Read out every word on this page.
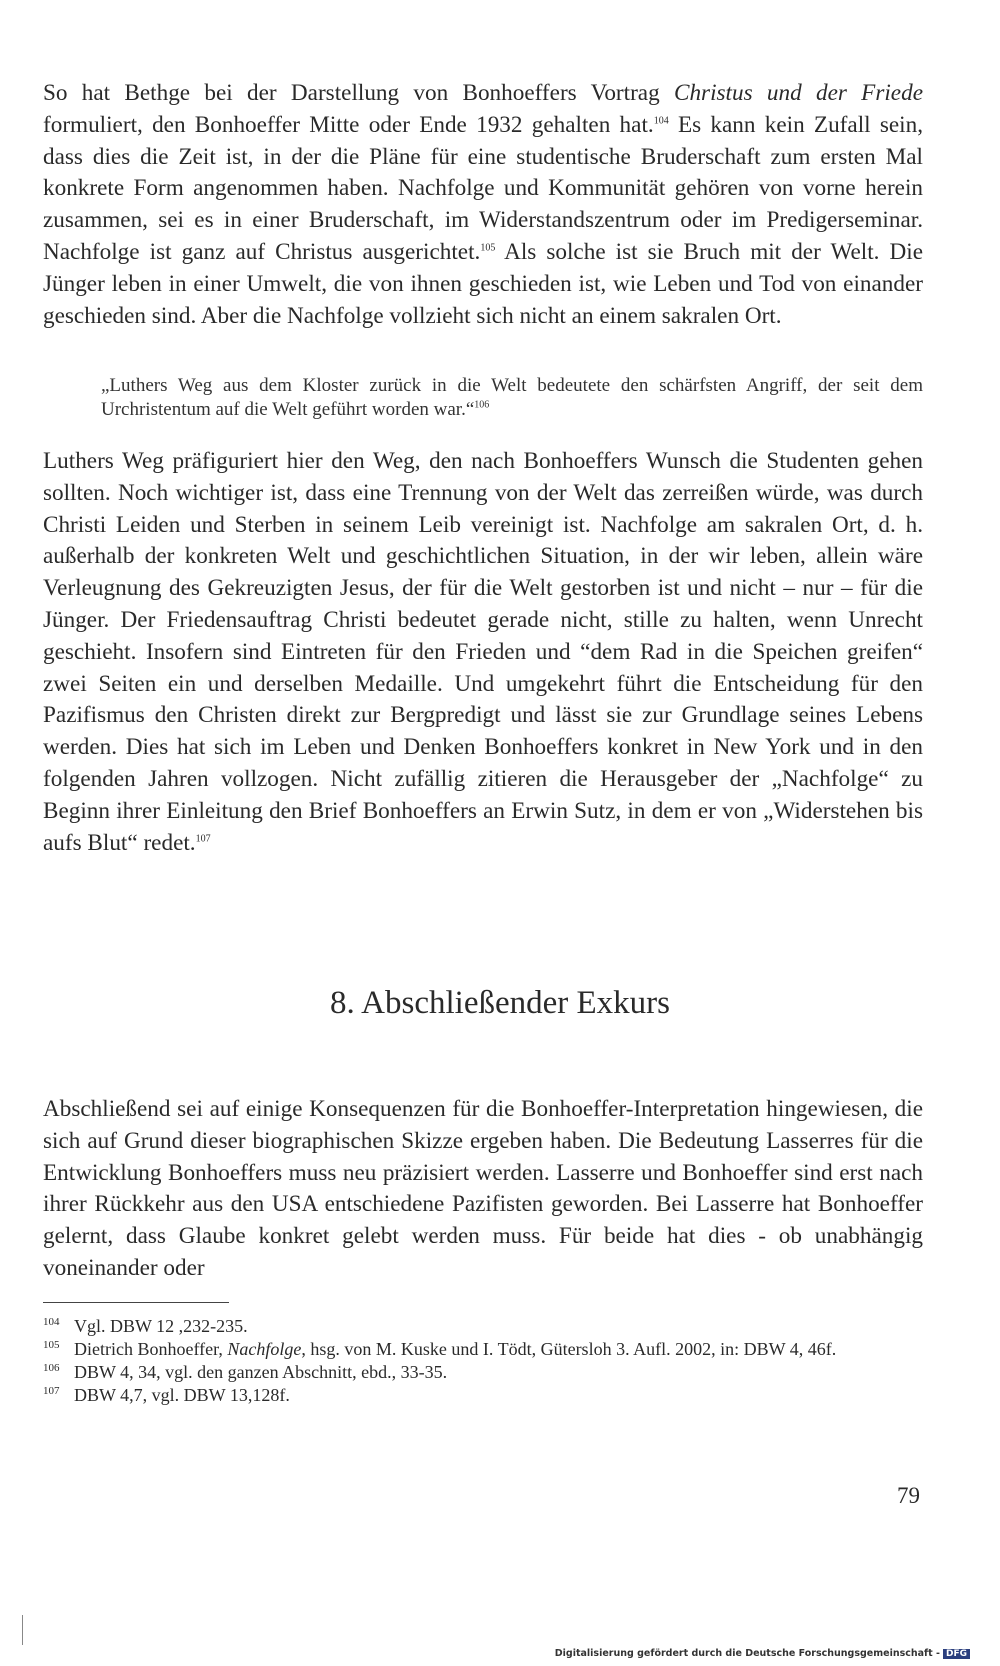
So hat Bethge bei der Darstellung von Bonhoeffers Vortrag Christus und der Friede formuliert, den Bonhoeffer Mitte oder Ende 1932 gehalten hat.$^{104}$ Es kann kein Zufall sein, dass dies die Zeit ist, in der die Pläne für eine studentische Bruderschaft zum ersten Mal konkrete Form angenommen haben. Nachfolge und Kommunität gehören von vorne herein zusammen, sei es in einer Bruderschaft, im Widerstandszentrum oder im Predigerseminar. Nachfolge ist ganz auf Christus ausgerichtet.$^{105}$ Als solche ist sie Bruch mit der Welt. Die Jünger leben in einer Umwelt, die von ihnen geschieden ist, wie Leben und Tod von einander geschieden sind. Aber die Nachfolge vollzieht sich nicht an einem sakralen Ort.
„Luthers Weg aus dem Kloster zurück in die Welt bedeutete den schärfsten Angriff, der seit dem Urchristentum auf die Welt geführt worden war.“$^{106}$
Luthers Weg präfiguriert hier den Weg, den nach Bonhoeffers Wunsch die Studenten gehen sollten. Noch wichtiger ist, dass eine Trennung von der Welt das zerreißen würde, was durch Christi Leiden und Sterben in seinem Leib vereinigt ist. Nachfolge am sakralen Ort, d. h. außerhalb der konkreten Welt und geschichtlichen Situation, in der wir leben, allein wäre Verleugnung des Gekreuzigten Jesus, der für die Welt gestorben ist und nicht – nur – für die Jünger. Der Friedensauftrag Christi bedeutet gerade nicht, stille zu halten, wenn Unrecht geschieht. Insofern sind Eintreten für den Frieden und “dem Rad in die Speichen greifen“ zwei Seiten ein und derselben Medaille. Und umgekehrt führt die Entscheidung für den Pazifismus den Christen direkt zur Bergpredigt und lässt sie zur Grundlage seines Lebens werden. Dies hat sich im Leben und Denken Bonhoeffers konkret in New York und in den folgenden Jahren vollzogen. Nicht zufällig zitieren die Herausgeber der „Nachfolge“ zu Beginn ihrer Einleitung den Brief Bonhoeffers an Erwin Sutz, in dem er von „Widerstehen bis aufs Blut“ redet.$^{107}$
8. Abschließender Exkurs
Abschließend sei auf einige Konsequenzen für die Bonhoeffer-Interpretation hingewiesen, die sich auf Grund dieser biographischen Skizze ergeben haben. Die Bedeutung Lasserres für die Entwicklung Bonhoeffers muss neu präzisiert werden. Lasserre und Bonhoeffer sind erst nach ihrer Rückkehr aus den USA entschiedene Pazifisten geworden. Bei Lasserre hat Bonhoeffer gelernt, dass Glaube konkret gelebt werden muss. Für beide hat dies - ob unabhängig voneinander oder

104 Vgl. DBW 12 ,232-235.

105 Dietrich Bonhoeffer, Nachfolge, hsg. von M. Kuske und I. Tödt, Gütersloh 3. Aufl. 2002, in: DBW 4, 46f.

106 DBW 4, 34, vgl. den ganzen Abschnitt, ebd., 33-35.

107 DBW 4,7, vgl. DBW 13,128f.

79
Digitalisierung gefördert durch die Deutsche Forschungsgemeinschaft - DFG
